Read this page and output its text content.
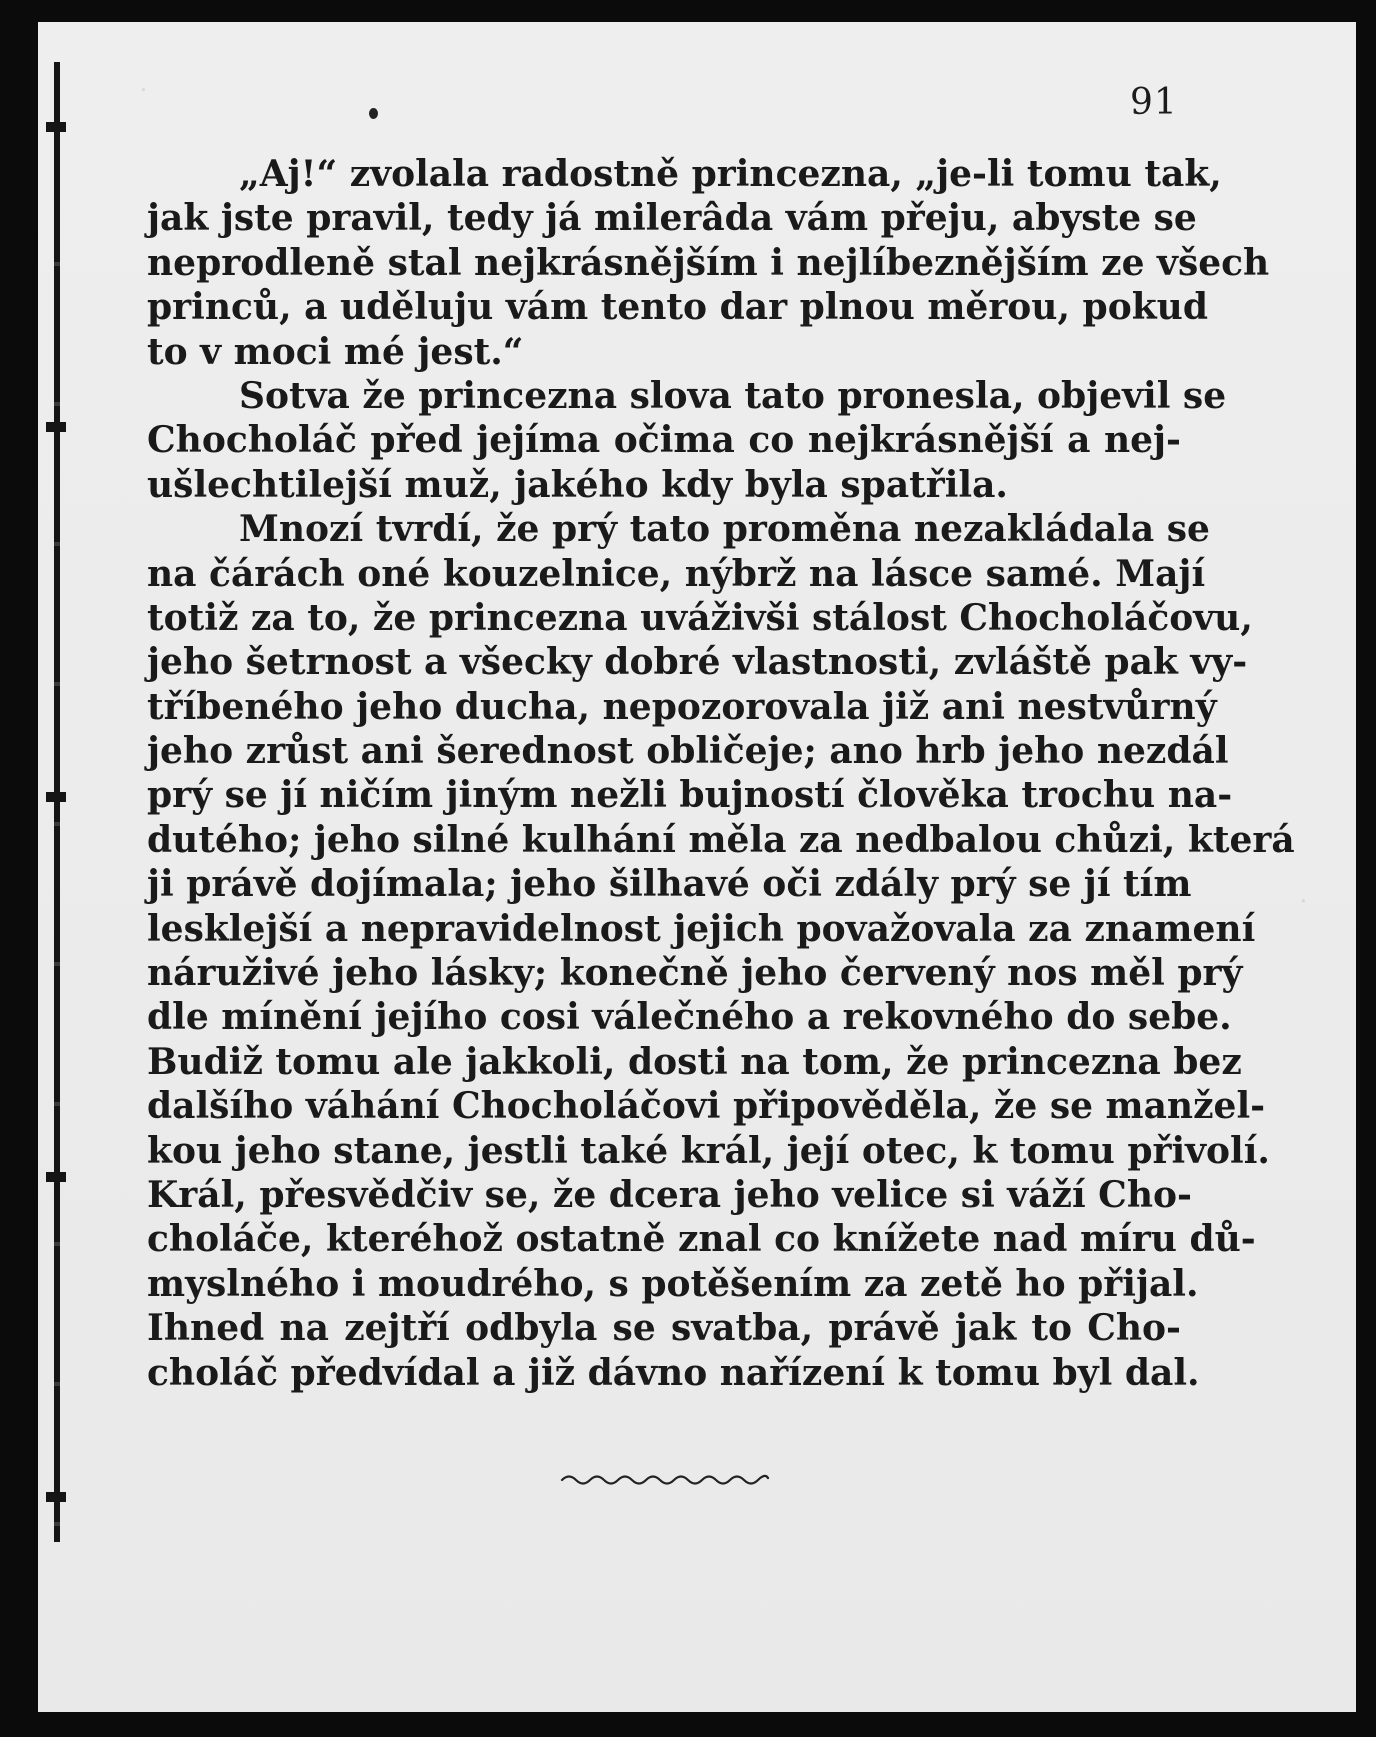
91
„Aj!“ zvolala radostně princezna, „je-li tomu tak,
jak jste pravil, tedy já milerâda vám přeju, abyste se
neprodleně stal nejkrásnějším i nejlíbeznějším ze všech
princů, a uděluju vám tento dar plnou měrou, pokud
to v moci mé jest.“
Sotva že princezna slova tato pronesla, objevil se
Chocholáč před jejíma očima co nejkrásnější a nej-
ušlechtilejší muž, jakého kdy byla spatřila.
Mnozí tvrdí, že prý tato proměna nezakládala se
na čárách oné kouzelnice, nýbrž na lásce samé. Mají
totiž za to, že princezna uváživši stálost Chocholáčovu,
jeho šetrnost a všecky dobré vlastnosti, zvláště pak vy-
tříbeného jeho ducha, nepozorovala již ani nestvůrný
jeho zrůst ani šerednost obličeje; ano hrb jeho nezdál
prý se jí ničím jiným nežli bujností člověka trochu na-
dutého; jeho silné kulhání měla za nedbalou chůzi, která
ji právě dojímala; jeho šilhavé oči zdály prý se jí tím
lesklejší a nepravidelnost jejich považovala za znamení
náruživé jeho lásky; konečně jeho červený nos měl prý
dle mínění jejího cosi válečného a rekovného do sebe.
Budiž tomu ale jakkoli, dosti na tom, že princezna bez
dalšího váhání Chocholáčovi připověděla, že se manžel-
kou jeho stane, jestli také král, její otec, k tomu přivolí.
Král, přesvědčiv se, že dcera jeho velice si váží Cho-
choláče, kteréhož ostatně znal co knížete nad míru dů-
myslného i moudrého, s potěšením za zetě ho přijal.
Ihned na zejtří odbyla se svatba, právě jak to Cho-
choláč předvídal a již dávno nařízení k tomu byl dal.
